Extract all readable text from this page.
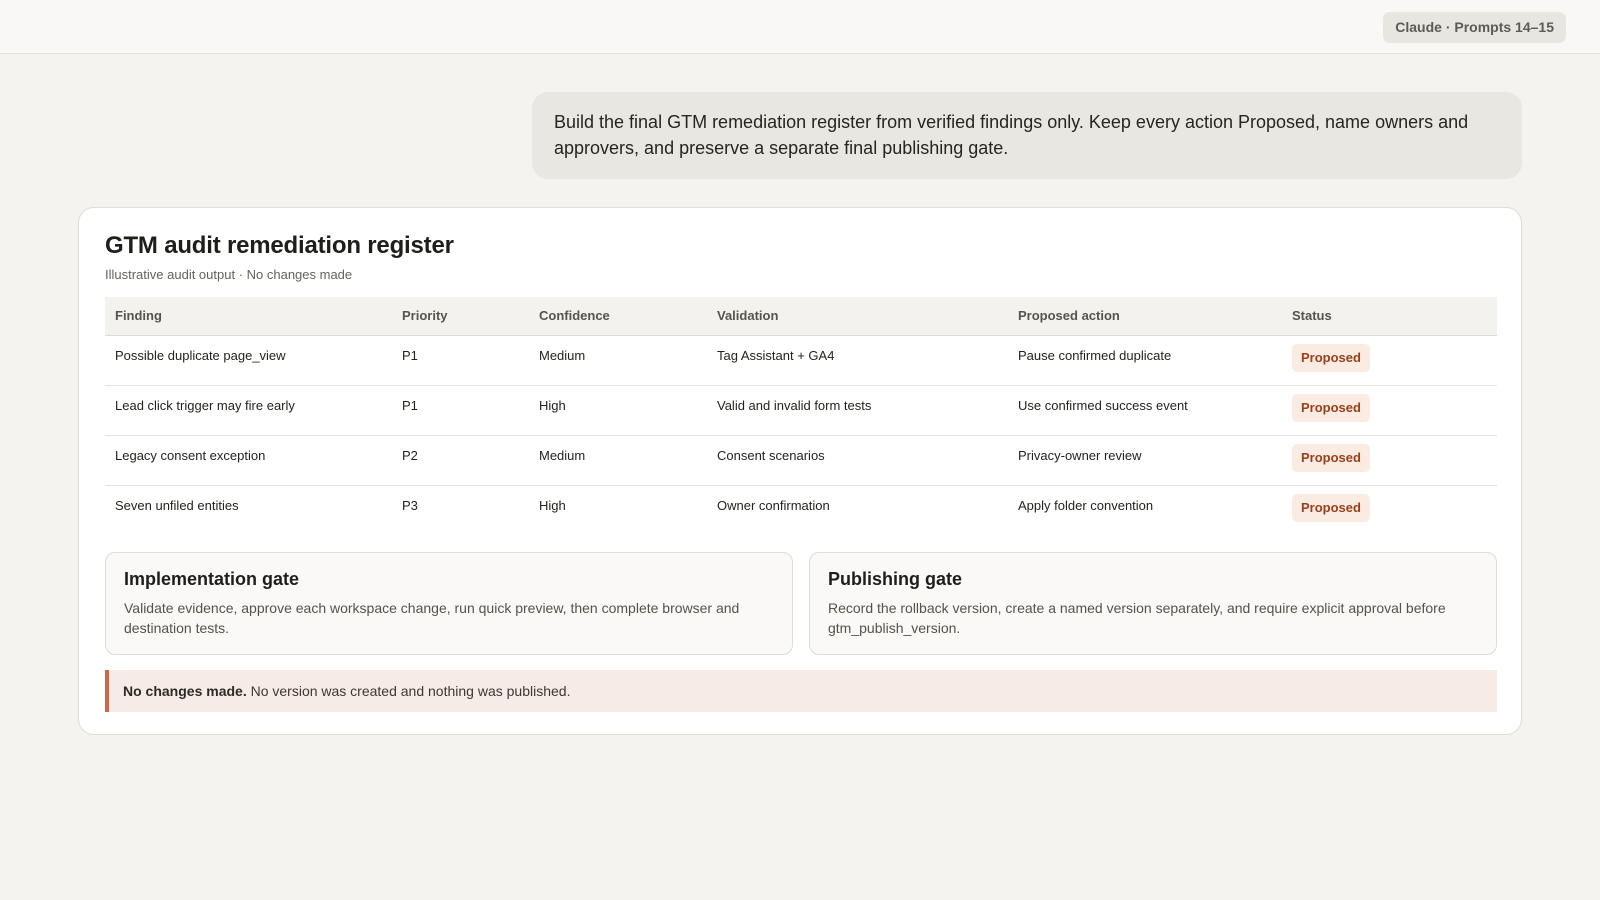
Claude · Prompts 14–15
Build the final GTM remediation register from verified findings only. Keep every action Proposed, name owners and approvers, and preserve a separate final publishing gate.
GTM audit remediation register
Illustrative audit output · No changes made
Finding	Priority	Confidence	Validation	Proposed action	Status
Possible duplicate page_view	P1	Medium	Tag Assistant + GA4	Pause confirmed duplicate	Proposed
Lead click trigger may fire early	P1	High	Valid and invalid form tests	Use confirmed success event	Proposed
Legacy consent exception	P2	Medium	Consent scenarios	Privacy-owner review	Proposed
Seven unfiled entities	P3	High	Owner confirmation	Apply folder convention	Proposed
Implementation gate
Validate evidence, approve each workspace change, run quick preview, then complete browser and destination tests.
Publishing gate
Record the rollback version, create a named version separately, and require explicit approval before gtm_publish_version.
No changes made. No version was created and nothing was published.
